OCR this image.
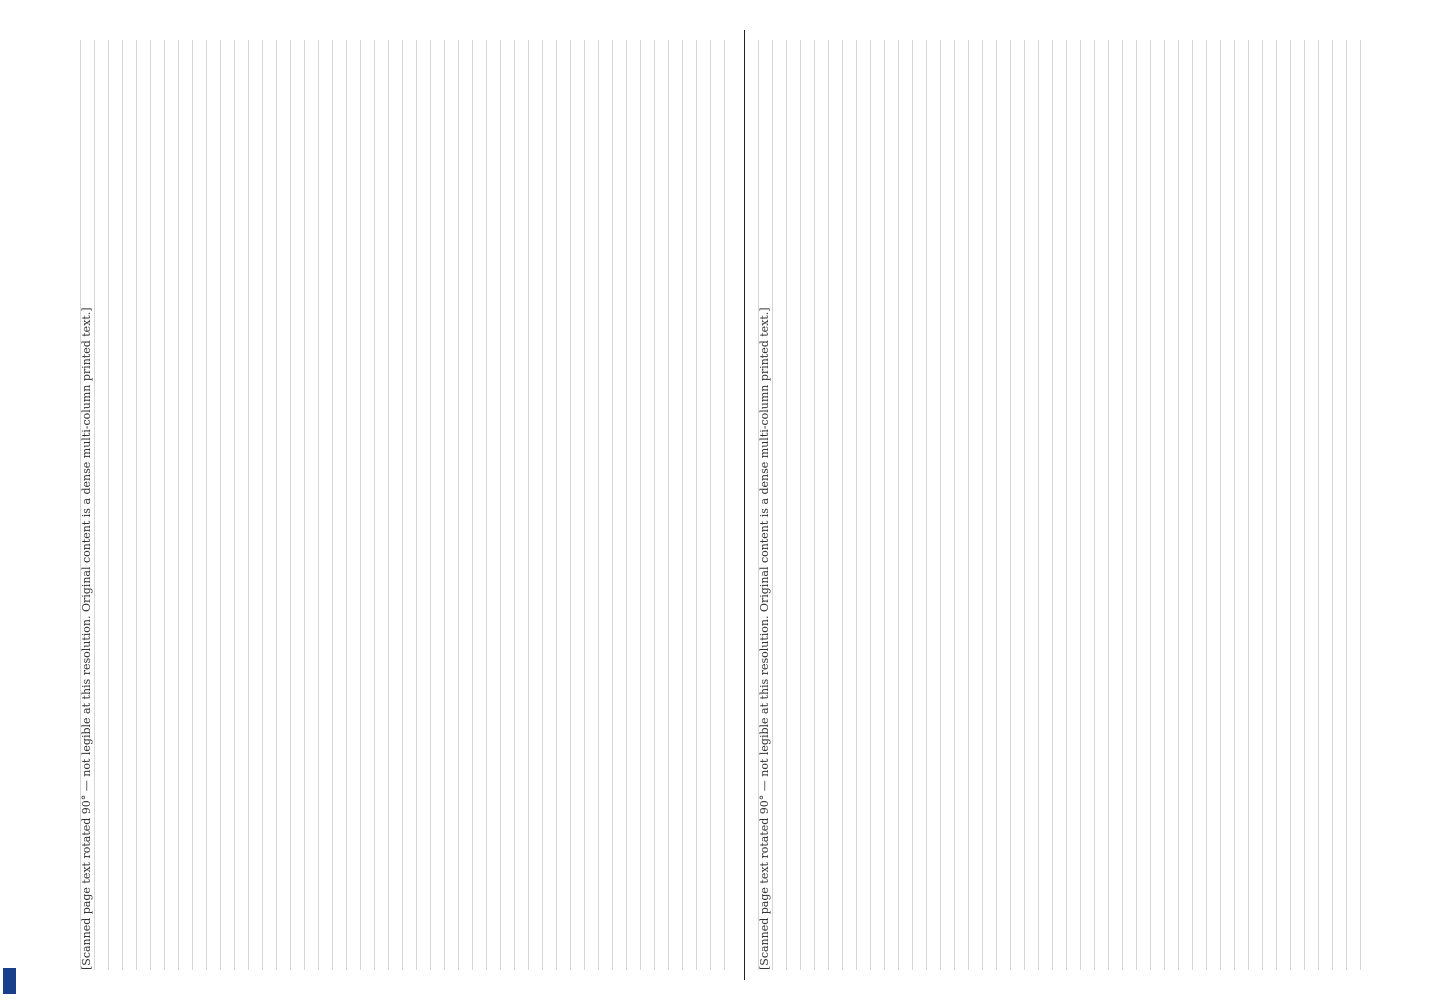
[Scanned page text rotated 90° — not legible at this resolution. Original content is a dense multi-column printed text.]
[Scanned page text rotated 90° — not legible at this resolution. Original content is a dense multi-column printed text.]
